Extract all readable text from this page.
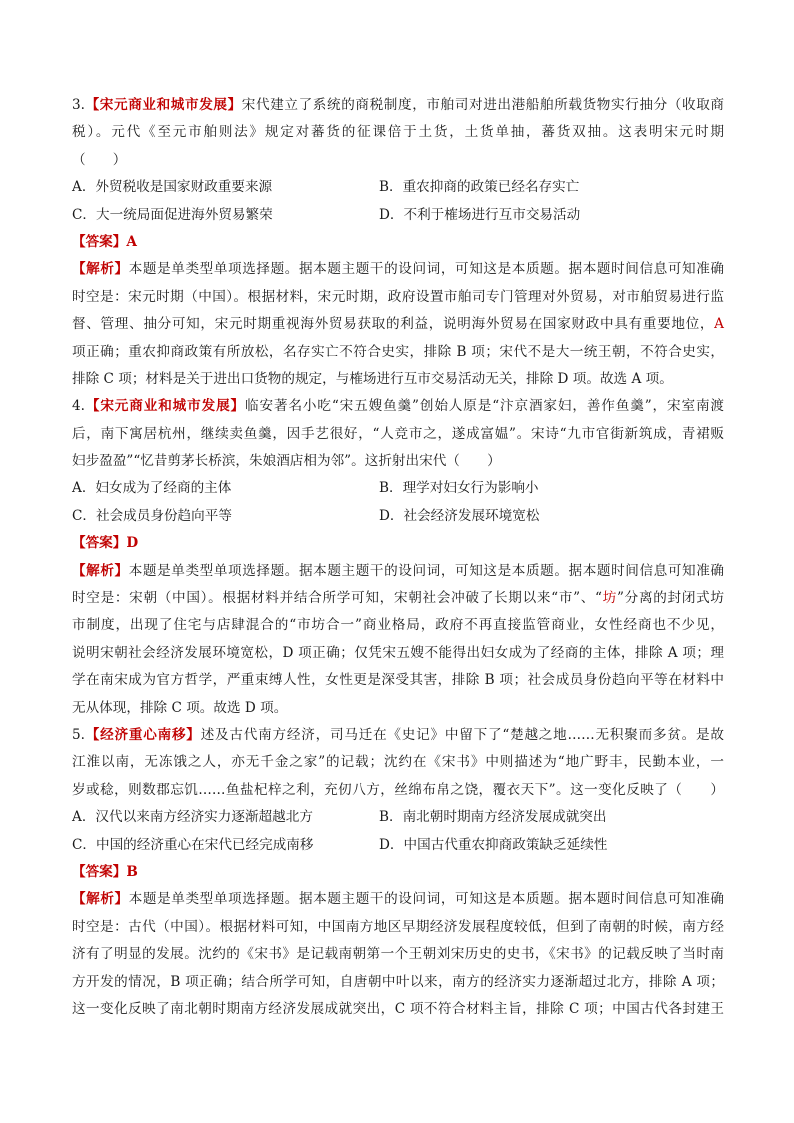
3.【宋元商业和城市发展】宋代建立了系统的商税制度，市舶司对进出港船舶所载货物实行抽分（收取商
税）。元代《至元市舶则法》规定对蕃货的征课倍于土货，土货单抽，蕃货双抽。这表明宋元时期
（　　）
A．外贸税收是国家财政重要来源	B．重农抑商的政策已经名存实亡
C．大一统局面促进海外贸易繁荣	D．不利于榷场进行互市交易活动
【答案】A
【解析】本题是单类型单项选择题。据本题主题干的设问词，可知这是本质题。据本题时间信息可知准确
时空是：宋元时期（中国）。根据材料，宋元时期，政府设置市舶司专门管理对外贸易，对市舶贸易进行监
督、管理、抽分可知，宋元时期重视海外贸易获取的利益，说明海外贸易在国家财政中具有重要地位，A
项正确；重农抑商政策有所放松，名存实亡不符合史实，排除 B 项；宋代不是大一统王朝，不符合史实，
排除 C 项；材料是关于进出口货物的规定，与榷场进行互市交易活动无关，排除 D 项。故选 A 项。
4.【宋元商业和城市发展】临安著名小吃“宋五嫂鱼羹”创始人原是“汴京酒家妇，善作鱼羹”，宋室南渡
后，南下寓居杭州，继续卖鱼羹，因手艺很好，“人竞市之，遂成富媪”。宋诗“九市官街新筑成，青裙贩
妇步盈盈”“忆昔剪茅长桥滨，朱娘酒店相为邻”。这折射出宋代（　　）
A．妇女成为了经商的主体	B．理学对妇女行为影响小
C．社会成员身份趋向平等	D．社会经济发展环境宽松
【答案】D
【解析】本题是单类型单项选择题。据本题主题干的设问词，可知这是本质题。据本题时间信息可知准确
时空是：宋朝（中国）。根据材料并结合所学可知，宋朝社会冲破了长期以来“市”、“坊”分离的封闭式坊
市制度，出现了住宅与店肆混合的“市坊合一”商业格局，政府不再直接监管商业，女性经商也不少见，
说明宋朝社会经济发展环境宽松，D 项正确；仅凭宋五嫂不能得出妇女成为了经商的主体，排除 A 项；理
学在南宋成为官方哲学，严重束缚人性，女性更是深受其害，排除 B 项；社会成员身份趋向平等在材料中
无从体现，排除 C 项。故选 D 项。
5.【经济重心南移】述及古代南方经济，司马迁在《史记》中留下了“楚越之地……无积聚而多贫。是故
江淮以南，无冻饿之人，亦无千金之家”的记载；沈约在《宋书》中则描述为“地广野丰，民勤本业，一
岁或稔，则数郡忘饥……鱼盐杞梓之利，充仞八方，丝绵布帛之饶，覆衣天下”。这一变化反映了（　　）
A．汉代以来南方经济实力逐渐超越北方	B．南北朝时期南方经济发展成就突出
C．中国的经济重心在宋代已经完成南移	D．中国古代重农抑商政策缺乏延续性
【答案】B
【解析】本题是单类型单项选择题。据本题主题干的设问词，可知这是本质题。据本题时间信息可知准确
时空是：古代（中国）。根据材料可知，中国南方地区早期经济发展程度较低，但到了南朝的时候，南方经
济有了明显的发展。沈约的《宋书》是记载南朝第一个王朝刘宋历史的史书，《宋书》的记载反映了当时南
方开发的情况，B 项正确；结合所学可知，自唐朝中叶以来，南方的经济实力逐渐超过北方，排除 A 项；
这一变化反映了南北朝时期南方经济发展成就突出，C 项不符合材料主旨，排除 C 项；中国古代各封建王
